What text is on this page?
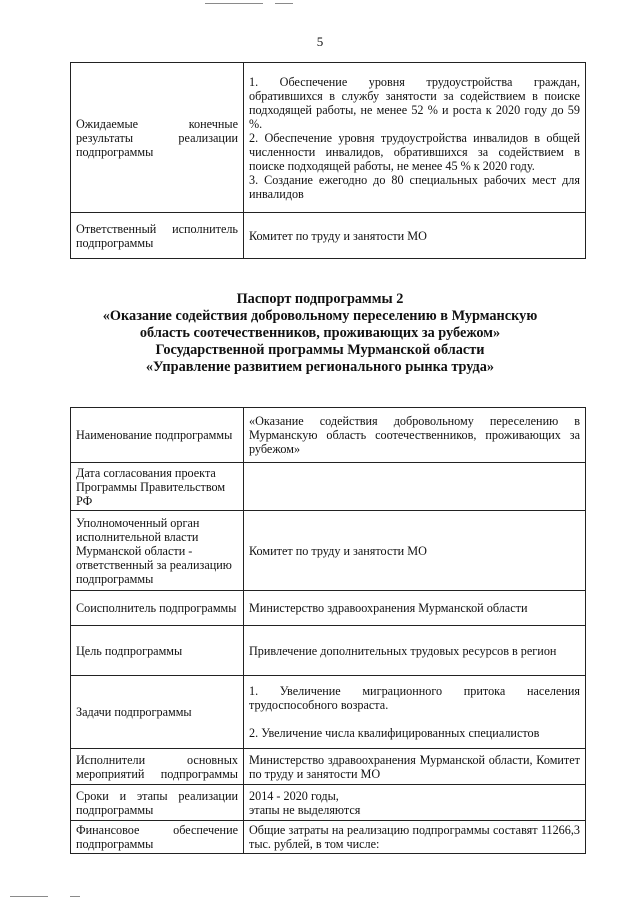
5
Ожидаемые конечные результаты реализации подпрограммы	1. Обеспечение уровня трудоустройства граждан, обратившихся в службу занятости за содействием в поиске подходящей работы, не менее 52 % и роста к 2020 году до 59 %.

2. Обеспечение уровня трудоустройства инвалидов в общей численности инвалидов, обратившихся за содействием в поиске подходящей работы, не менее 45 % к 2020 году.

3. Создание ежегодно до 80 специальных рабочих мест для инвалидов

Ответственный исполнитель подпрограммы	Комитет по труду и занятости МО
Паспорт подпрограммы 2
«Оказание содействия добровольному переселению в Мурманскую
область соотечественников, проживающих за рубежом»
Государственной программы Мурманской области
«Управление развитием регионального рынка труда»
Наименование подпрограммы	«Оказание содействия добровольному переселению в Мурманскую область соотечественников, проживающих за рубежом»
Дата согласования проекта Программы Правительством РФ	
Уполномоченный орган исполнительной власти Мурманской области - ответственный за реализацию подпрограммы	Комитет по труду и занятости МО
Соисполнитель подпрограммы	Министерство здравоохранения Мурманской области
Цель подпрограммы	Привлечение дополнительных трудовых ресурсов в регион
Задачи подпрограммы	1. Увеличение миграционного притока населения трудоспособного возраста.

2. Увеличение числа квалифицированных специалистов

Исполнители основных мероприятий подпрограммы	Министерство здравоохранения Мурманской области, Комитет по труду и занятости МО
Сроки и этапы реализации подпрограммы	2014 - 2020 годы,

этапы не выделяются

Финансовое обеспечение подпрограммы	Общие затраты на реализацию подпрограммы составят 11266,3 тыс. рублей, в том числе:
